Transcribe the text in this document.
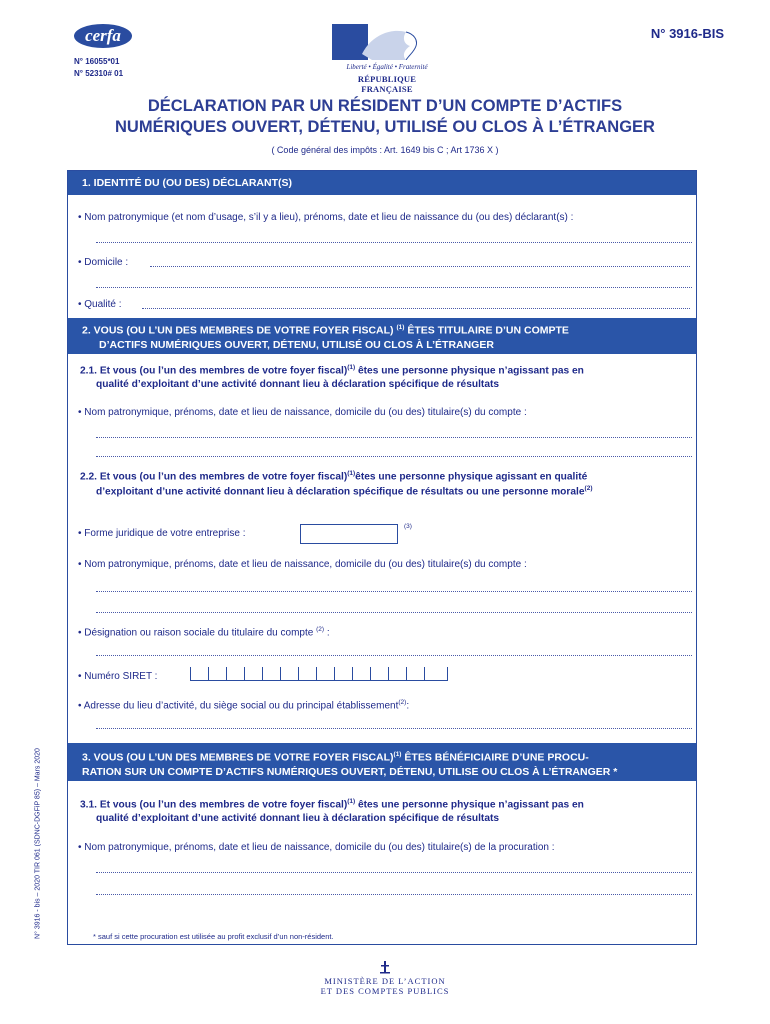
cerfa
N° 16055*01
N° 52310# 01
Liberté • Égalité • Fraternité
RÉPUBLIQUE FRANÇAISE
N° 3916-BIS
DÉCLARATION PAR UN RÉSIDENT D’UN COMPTE D’ACTIFS
NUMÉRIQUES OUVERT, DÉTENU, UTILISÉ OU CLOS À L’ÉTRANGER
( Code général des impôts : Art. 1649 bis C ; Art 1736 X )
1. IDENTITÉ DU (OU DES) DÉCLARANT(S)
• Nom patronymique (et nom d’usage, s’il y a lieu), prénoms, date et lieu de naissance du (ou des) déclarant(s) :
• Domicile :
• Qualité :
2. VOUS (OU L’UN DES MEMBRES DE VOTRE FOYER FISCAL) $^{(1)}$ ÊTES TITULAIRE D’UN COMPTE
D’ACTIFS NUMÉRIQUES OUVERT, DÉTENU, UTILISÉ OU CLOS À L’ÉTRANGER
2.1. Et vous (ou l’un des membres de votre foyer fiscal)$^{(1)}$ êtes une personne physique n’agissant pas en
qualité d’exploitant d’une activité donnant lieu à déclaration spécifique de résultats
• Nom patronymique, prénoms, date et lieu de naissance, domicile du (ou des) titulaire(s) du compte :
2.2. Et vous (ou l’un des membres de votre foyer fiscal)$^{(1)}$êtes une personne physique agissant en qualité
d’exploitant d’une activité donnant lieu à déclaration spécifique de résultats ou une personne morale$^{(2)}$
• Forme juridique de votre entreprise :
(3)
• Nom patronymique, prénoms, date et lieu de naissance, domicile du (ou des) titulaire(s) du compte :
• Désignation ou raison sociale du titulaire du compte $^{(2)}$ :
• Numéro SIRET :
• Adresse du lieu d’activité, du siège social ou du principal établissement$^{(2)}$:
3. VOUS (OU L’UN DES MEMBRES DE VOTRE FOYER FISCAL)$^{(1)}$ ÊTES BÉNÉFICIAIRE D’UNE PROCU-
RATION SUR UN COMPTE D’ACTIFS NUMÉRIQUES OUVERT, DÉTENU, UTILISE OU CLOS À L’ÉTRANGER *
3.1. Et vous (ou l’un des membres de votre foyer fiscal)$^{(1)}$ êtes une personne physique n’agissant pas en
qualité d’exploitant d’une activité donnant lieu à déclaration spécifique de résultats
• Nom patronymique, prénoms, date et lieu de naissance, domicile du (ou des) titulaire(s) de la procuration :
* sauf si cette procuration est utilisée au profit exclusif d’un non-résident.
N° 3916 - bis – 2020 TIR 061 (SDNC-DGFiP 85) – Mars 2020
MINISTÈRE DE L’ACTION
ET DES COMPTES PUBLICS
